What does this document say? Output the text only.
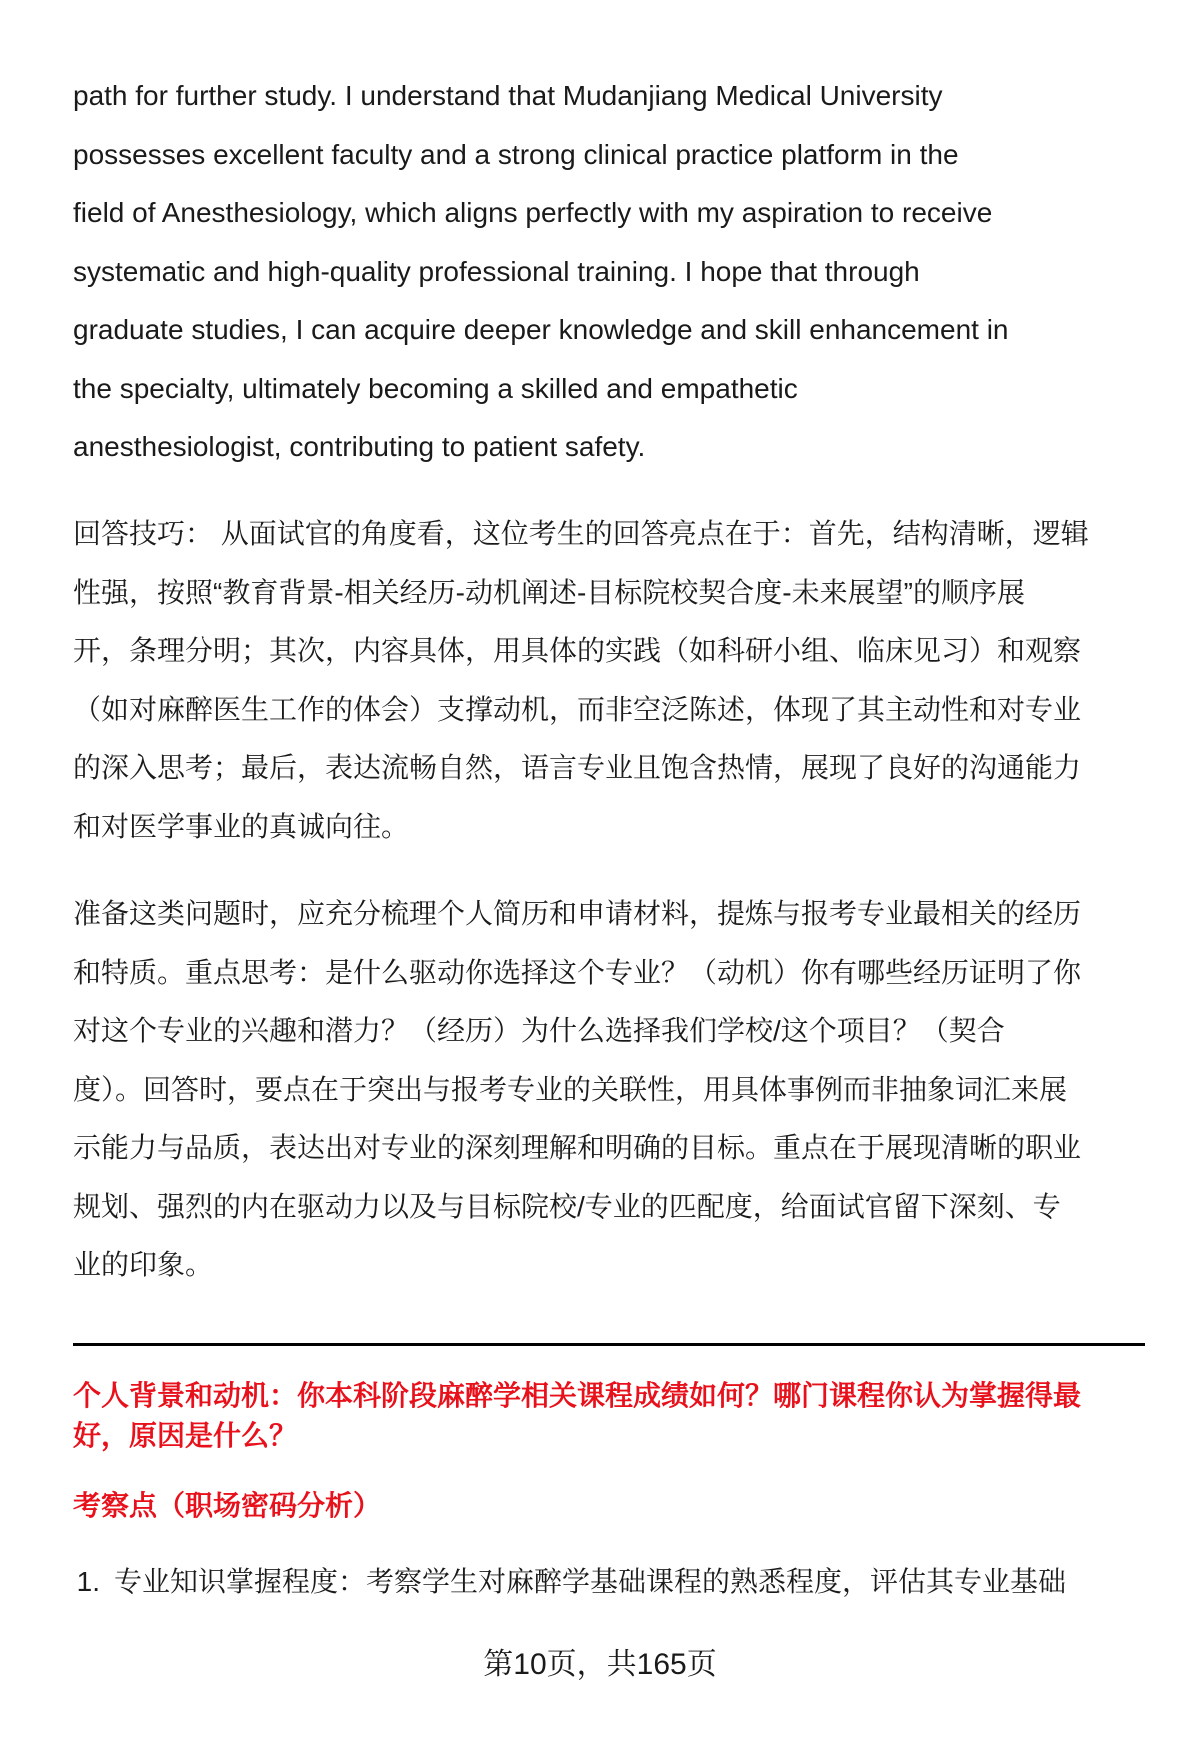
path for further study. I understand that Mudanjiang Medical University
possesses excellent faculty and a strong clinical practice platform in the
field of Anesthesiology, which aligns perfectly with my aspiration to receive
systematic and high-quality professional training. I hope that through
graduate studies, I can acquire deeper knowledge and skill enhancement in
the specialty, ultimately becoming a skilled and empathetic
anesthesiologist, contributing to patient safety.
回答技巧： 从面试官的角度看，这位考生的回答亮点在于：首先，结构清晰，逻辑
性强，按照“教育背景-相关经历-动机阐述-目标院校契合度-未来展望”的顺序展
开，条理分明；其次，内容具体，用具体的实践（如科研小组、临床见习）和观察
（如对麻醉医生工作的体会）支撑动机，而非空泛陈述，体现了其主动性和对专业
的深入思考；最后，表达流畅自然，语言专业且饱含热情，展现了良好的沟通能力
和对医学事业的真诚向往。
准备这类问题时，应充分梳理个人简历和申请材料，提炼与报考专业最相关的经历
和特质。重点思考：是什么驱动你选择这个专业？（动机）你有哪些经历证明了你
对这个专业的兴趣和潜力？（经历）为什么选择我们学校/这个项目？（契合
度）。回答时，要点在于突出与报考专业的关联性，用具体事例而非抽象词汇来展
示能力与品质，表达出对专业的深刻理解和明确的目标。重点在于展现清晰的职业
规划、强烈的内在驱动力以及与目标院校/专业的匹配度，给面试官留下深刻、专
业的印象。
个人背景和动机：你本科阶段麻醉学相关课程成绩如何？哪门课程你认为掌握得最
好，原因是什么？
考察点（职场密码分析）
1. 专业知识掌握程度：考察学生对麻醉学基础课程的熟悉程度，评估其专业基础
第10页，共165页
